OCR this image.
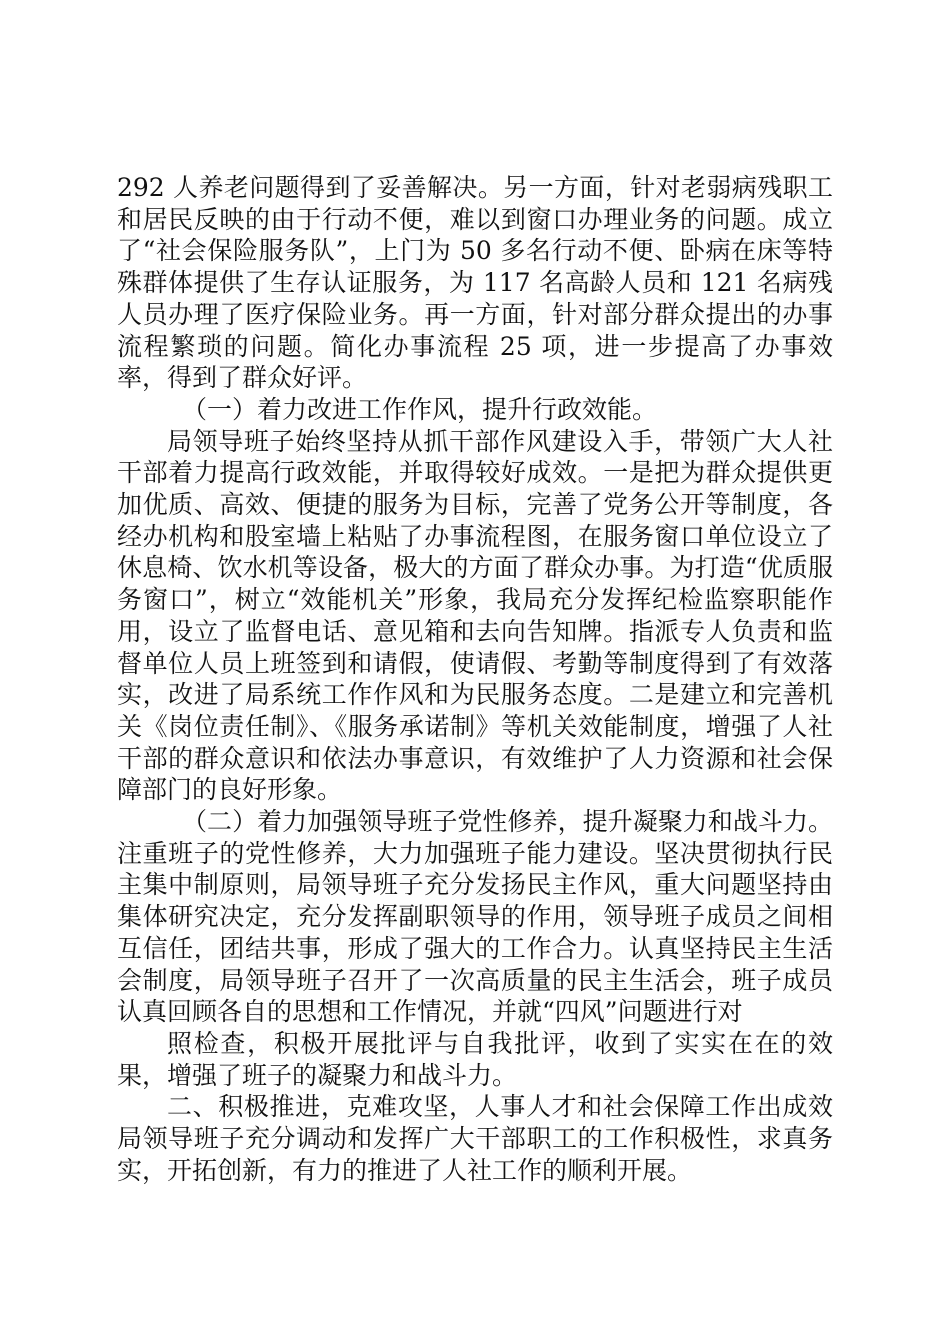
292 人养老问题得到了妥善解决。另一方面，针对老弱病残职工和居民反映的由于行动不便，难以到窗口办理业务的问题。成立了“社会保险服务队”，上门为 50 多名行动不便、卧病在床等特殊群体提供了生存认证服务，为 117 名高龄人员和 121 名病残人员办理了医疗保险业务。再一方面，针对部分群众提出的办事流程繁琐的问题。简化办事流程 25 项，进一步提高了办事效率，得到了群众好评。

（一）着力改进工作作风，提升行政效能。

局领导班子始终坚持从抓干部作风建设入手，带领广大人社干部着力提高行政效能，并取得较好成效。一是把为群众提供更加优质、高效、便捷的服务为目标，完善了党务公开等制度，各经办机构和股室墙上粘贴了办事流程图，在服务窗口单位设立了休息椅、饮水机等设备，极大的方面了群众办事。为打造“优质服务窗口”，树立“效能机关”形象，我局充分发挥纪检监察职能作用，设立了监督电话、意见箱和去向告知牌。指派专人负责和监督单位人员上班签到和请假，使请假、考勤等制度得到了有效落实，改进了局系统工作作风和为民服务态度。二是建立和完善机关《岗位责任制》、《服务承诺制》等机关效能制度，增强了人社干部的群众意识和依法办事意识，有效维护了人力资源和社会保障部门的良好形象。

（二）着力加强领导班子党性修养，提升凝聚力和战斗力。注重班子的党性修养，大力加强班子能力建设。坚决贯彻执行民主集中制原则，局领导班子充分发扬民主作风，重大问题坚持由集体研究决定，充分发挥副职领导的作用，领导班子成员之间相互信任，团结共事，形成了强大的工作合力。认真坚持民主生活会制度，局领导班子召开了一次高质量的民主生活会，班子成员认真回顾各自的思想和工作情况，并就“四风”问题进行对

照检查，积极开展批评与自我批评，收到了实实在在的效果，增强了班子的凝聚力和战斗力。

二、积极推进，克难攻坚，人事人才和社会保障工作出成效局领导班子充分调动和发挥广大干部职工的工作积极性，求真务实，开拓创新，有力的推进了人社工作的顺利开展。
